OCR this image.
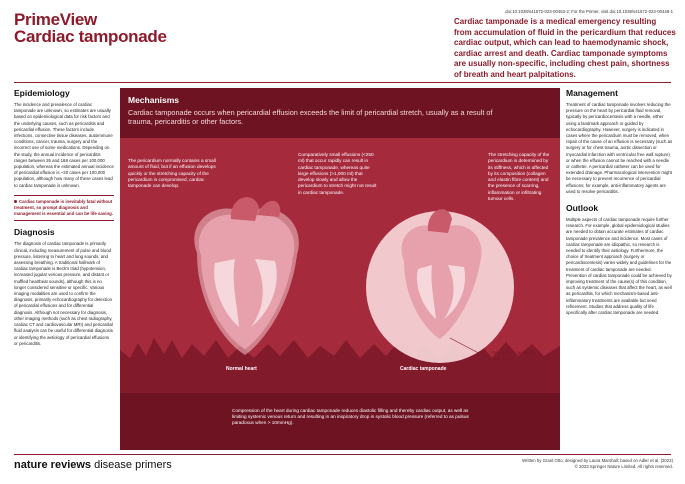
doi:10.1038/s41572-023-00453-2; For the Primer, visit doi:10.1038/s41572-023-00448-1
PrimeView
Cardiac tamponade
Cardiac tamponade is a medical emergency resulting from accumulation of fluid in the pericardium that reduces cardiac output, which can lead to haemodynamic shock, cardiac arrest and death. Cardiac tamponade symptoms are usually non-specific, including chest pain, shortness of breath and heart palpitations.
Epidemiology
The incidence and prevalence of cardiac tamponade are unknown, so estimates are usually based on epidemiological data for risk factors and the underlying causes, such as pericarditis and pericardial effusion. These factors include infections, connective tissue diseases, autoimmune conditions, cancer, trauma, surgery and the incorrect use of some medications. Depending on the study, the annual incidence of pericarditis ranges between 26 and 168 cases per 100,000 population, whereas the estimated annual incidence of pericardial effusion is ~20 cases per 100,000 population, although how many of these cases lead to cardiac tamponade is unknown.
Cardiac tamponade is inevitably fatal without treatment, so prompt diagnosis and management is essential and can be life saving.
Diagnosis
The diagnosis of cardiac tamponade is primarily clinical, including measurement of pulse and blood pressure, listening to heart and lung sounds, and assessing breathing. A traditional hallmark of cardiac tamponade is Beck's triad (hypotension, increased jugular venous pressure, and distant or muffled heartbeat sounds), although this is no longer considered sensitive or specific. Various imaging modalities are used to confirm the diagnosis, primarily echocardiography for detection of pericardial effusions and for differential diagnosis. Although not necessary for diagnosis, other imaging methods (such as chest radiography, cardiac CT and cardiovascular MRI) and pericardial fluid analysis can be useful for differential diagnosis or identifying the aetiology of pericardial effusions or pericarditis.
Mechanisms
Cardiac tamponade occurs when pericardial effusion exceeds the limit of pericardial stretch, usually as a result of trauma, pericarditis or other factors.
The pericardium normally contains a small amount of fluid, but if an effusion develops quickly or the stretching capacity of the pericardium is compromised, cardiac tamponade can develop.
Comparatively small effusions (<250 ml) that occur rapidly can result in cardiac tamponade, whereas quite large effusions (>1,000 ml) that develop slowly and allow the pericardium to stretch might not result in cardiac tamponade.
The stretching capacity of the pericardium is determined by its stiffness, which is affected by its composition (collagen and elastin fibre content) and the presence of scarring, inflammation or infiltrating tumour cells.
Normal heart	Cardiac tamponade
Pericardial sac filled with fluid
Compression of the heart during cardiac tamponade reduces diastolic filling and thereby cardiac output, as well as limiting systemic venous return and resulting in an inspiratory drop in systolic blood pressure (referred to as pulsus paradoxus when > 10mmHg).
Management
Treatment of cardiac tamponade involves reducing the pressure on the heart by pericardial fluid removal, typically by pericardiocentesis with a needle, either using a landmark approach or guided by echocardiography. However, surgery is indicated in cases where the pericardium must be removed, when repair of the cause of an effusion is necessary (such as surgery or for chest trauma, aortic dissection or myocardial infarction with ventricular free wall rupture) or when the effusion cannot be reached with a needle or catheter. A pericardial catheter can be used for extended drainage. Pharmacological intervention might be necessary to prevent recurrence of pericardial effusions; for example, anti-inflammatory agents are used to resolve pericarditis.
Outlook
Multiple aspects of cardiac tamponade require further research. For example, global epidemiological studies are needed to obtain accurate estimates of cardiac tamponade prevalence and incidence. Most cases of cardiac tamponade are idiopathic, so research is needed to identify their aetiology. Furthermore, the choice of treatment approach (surgery or pericardiocentesis) varies widely and guidelines for the treatment of cardiac tamponade are needed. Prevention of cardiac tamponade could be achieved by improving treatment of the cause(s) of this condition, such as systemic diseases that affect the heart, as well as pericarditis, for which mechanism-based anti-inflammatory treatments are available but need refinement. Studies that address quality of life specifically after cardiac tamponade are needed.
nature reviews disease primers	Written by Grant Otto; designed by Laura Marshall; based on Adler et al. (2023)
© 2023 Springer Nature Limited. All rights reserved.
